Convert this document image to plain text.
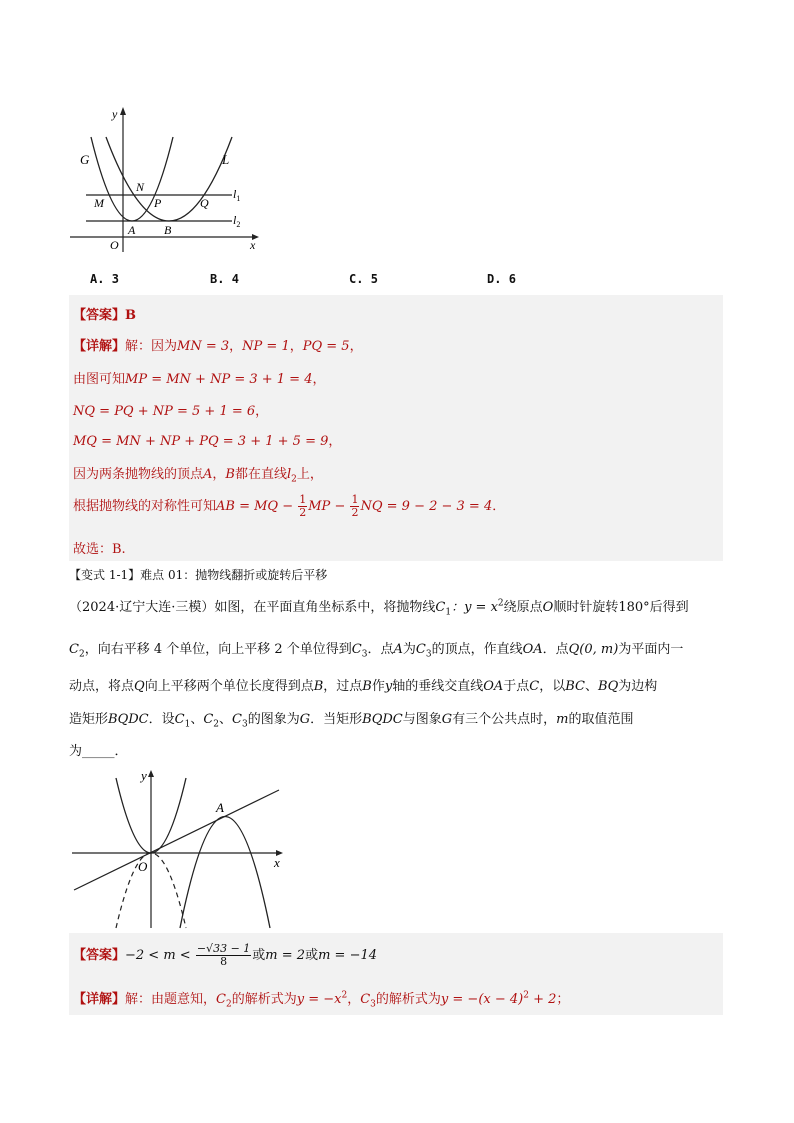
y
G	L
N	$l_1$
M	P	Q
$l_2$
A B
O	x
A. 3	B. 4	C. 5	D. 6
【答案】B
【详解】解：因为MN = 3，NP = 1，PQ = 5，
由图可知MP = MN + NP = 3 + 1 = 4，
NQ = PQ + NP = 5 + 1 = 6，
MQ = MN + NP + PQ = 3 + 1 + 5 = 9，
因为两条抛物线的顶点A，B都在直线$l_2$上，
根据抛物线的对称性可知AB = MQ − $\frac{1}{2}$ MP − $\frac{1}{2}$ NQ = 9 − 2 − 3 = 4．
故选：B.
【变式 1-1】难点 01：抛物线翻折或旋转后平移
（2024·辽宁大连·三模）如图，在平面直角坐标系中，将抛物线$C_1$：$y = x^2$绕原点O顺时针旋转180°后得到
$C_2$，向右平移 4 个单位，向上平移 2 个单位得到$C_3$．点A为$C_3$的顶点，作直线OA．点Q(0, m)为平面内一
动点，将点Q向上平移两个单位长度得到点B，过点B作y轴的垂线交直线OA于点C，以BC、BQ为边构
造矩形BQDC．设$C_1$、$C_2$、$C_3$的图象为G．当矩形BQDC与图象G有三个公共点时，m的取值范围
为_____．
y
A
O	x
【答案】$-2 < m < \frac{-√33 - 1}{8}$ 或m = 2或m = −14
【详解】解：由题意知，$C_2$的解析式为$y = -x^2$，$C_3$的解析式为$y = -(x - 4)^2 + 2$；
